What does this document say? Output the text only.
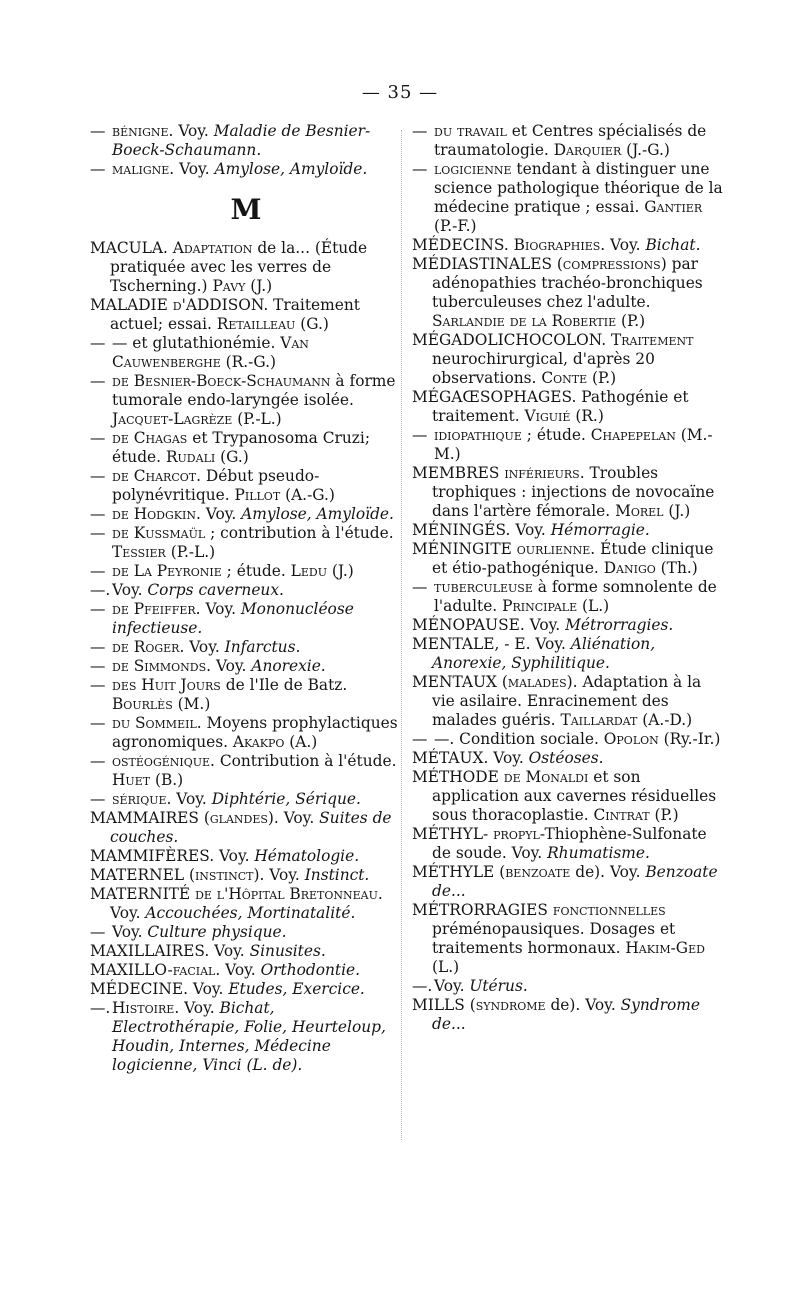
— 35 —

— bénigne. Voy. Maladie de Besnier-Boeck-Schaumann.

— maligne. Voy. Amylose, Amyloïde.

M

MACULA. Adaptation de la... (Étude pratiquée avec les verres de Tscherning.) Pavy (J.)

MALADIE d'ADDISON. Traitement actuel; essai. Retailleau (G.)

— — et glutathionémie. Van Cauwenberghe (R.-G.)

— de Besnier-Boeck-Schaumann à forme tumorale endo-laryngée isolée. Jacquet-Lagrèze (P.-L.)

— de Chagas et Trypanosoma Cruzi; étude. Rudali (G.)

— de Charcot. Début pseudo-polynévritique. Pillot (A.-G.)

— de Hodgkin. Voy. Amylose, Amyloïde.

— de Kussmaül ; contribution à l'étude. Tessier (P.-L.)

— de La Peyronie ; étude. Ledu (J.)

—. Voy. Corps caverneux.

— de Pfeiffer. Voy. Mononucléose infectieuse.

— de Roger. Voy. Infarctus.

— de Simmonds. Voy. Anorexie.

— des Huit Jours de l'Ile de Batz. Bourlès (M.)

— du Sommeil. Moyens prophylactiques agronomiques. Akakpo (A.)

— ostéogénique. Contribution à l'étude. Huet (B.)

— sérique. Voy. Diphtérie, Sérique.

MAMMAIRES (glandes). Voy. Suites de couches.

MAMMIFÈRES. Voy. Hématologie.

MATERNEL (instinct). Voy. Instinct.

MATERNITÉ de l'Hôpital Bretonneau. Voy. Accouchées, Mortinatalité.

— Voy. Culture physique.

MAXILLAIRES. Voy. Sinusites.

MAXILLO-facial. Voy. Orthodontie.

MÉDECINE. Voy. Etudes, Exercice.

—. Histoire. Voy. Bichat, Electrothérapie, Folie, Heurteloup, Houdin, Internes, Médecine logicienne, Vinci (L. de).

— du travail et Centres spécialisés de traumatologie. Darquier (J.-G.)

— logicienne tendant à distinguer une science pathologique théorique de la médecine pratique ; essai. Gantier (P.-F.)

MÉDECINS. Biographies. Voy. Bichat.

MÉDIASTINALES (compressions) par adénopathies trachéo-bronchiques tuberculeuses chez l'adulte. Sarlandie de la Robertie (P.)

MÉGADOLICHOCOLON. Traitement neurochirurgical, d'après 20 observations. Conte (P.)

MÉGAŒSOPHAGES. Pathogénie et traitement. Viguié (R.)

— idiopathique ; étude. Chapepelan (M.-M.)

MEMBRES inférieurs. Troubles trophiques : injections de novocaïne dans l'artère fémorale. Morel (J.)

MÉNINGÉS. Voy. Hémorragie.

MÉNINGITE ourlienne. Étude clinique et étio-pathogénique. Danigo (Th.)

— tuberculeuse à forme somnolente de l'adulte. Principale (L.)

MÉNOPAUSE. Voy. Métrorragies.

MENTALE, - E. Voy. Aliénation, Anorexie, Syphilitique.

MENTAUX (malades). Adaptation à la vie asilaire. Enracinement des malades guéris. Taillardat (A.-D.)

— —. Condition sociale. Opolon (Ry.-Ir.)

MÉTAUX. Voy. Ostéoses.

MÉTHODE de Monaldi et son application aux cavernes résiduelles sous thoracoplastie. Cintrat (P.)

MÉTHYL- propyl-Thiophène-Sulfonate de soude. Voy. Rhumatisme.

MÉTHYLE (benzoate de). Voy. Benzoate de...

MÉTRORRAGIES fonctionnelles préménopausiques. Dosages et traitements hormonaux. Hakim-Ged (L.)

—. Voy. Utérus.

MILLS (syndrome de). Voy. Syndrome de...
